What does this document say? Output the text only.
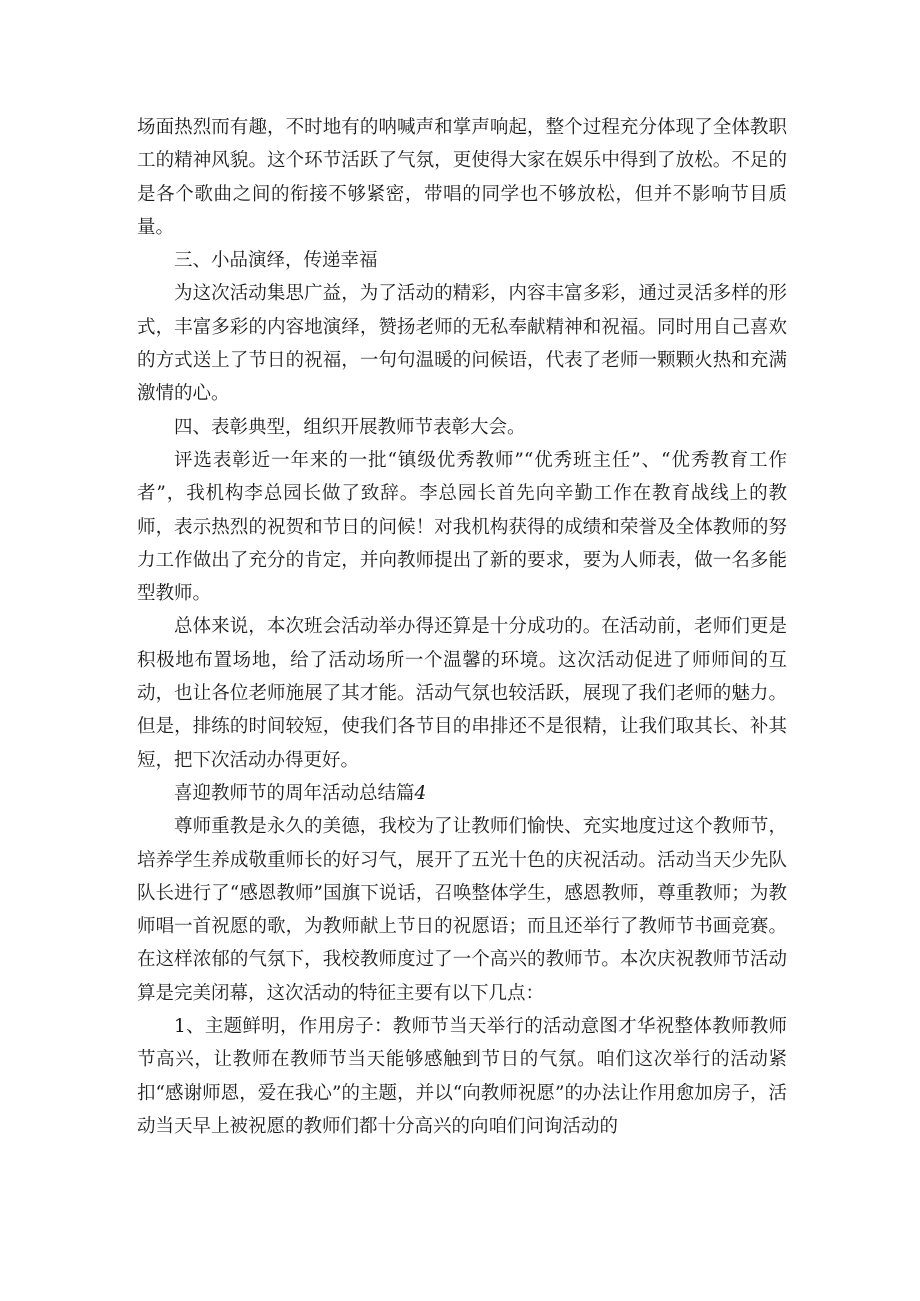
场面热烈而有趣，不时地有的呐喊声和掌声响起，整个过程充分体现了全体教职工的精神风貌。这个环节活跃了气氛，更使得大家在娱乐中得到了放松。不足的是各个歌曲之间的衔接不够紧密，带唱的同学也不够放松，但并不影响节目质量。

三、小品演绎，传递幸福

为这次活动集思广益，为了活动的精彩，内容丰富多彩，通过灵活多样的形式，丰富多彩的内容地演绎，赞扬老师的无私奉献精神和祝福。同时用自己喜欢的方式送上了节日的祝福，一句句温暖的问候语，代表了老师一颗颗火热和充满激情的心。

四、表彰典型，组织开展教师节表彰大会。

评选表彰近一年来的一批“镇级优秀教师”“优秀班主任”、“优秀教育工作者”，我机构李总园长做了致辞。李总园长首先向辛勤工作在教育战线上的教师，表示热烈的祝贺和节日的问候！对我机构获得的成绩和荣誉及全体教师的努力工作做出了充分的肯定，并向教师提出了新的要求，要为人师表，做一名多能型教师。

总体来说，本次班会活动举办得还算是十分成功的。在活动前，老师们更是积极地布置场地，给了活动场所一个温馨的环境。这次活动促进了师师间的互动，也让各位老师施展了其才能。活动气氛也较活跃，展现了我们老师的魅力。但是，排练的时间较短，使我们各节目的串排还不是很精，让我们取其长、补其短，把下次活动办得更好。

喜迎教师节的周年活动总结篇4

尊师重教是永久的美德，我校为了让教师们愉快、充实地度过这个教师节，培养学生养成敬重师长的好习气，展开了五光十色的庆祝活动。活动当天少先队队长进行了“感恩教师”国旗下说话，召唤整体学生，感恩教师，尊重教师；为教师唱一首祝愿的歌，为教师献上节日的祝愿语；而且还举行了教师节书画竞赛。在这样浓郁的气氛下，我校教师度过了一个高兴的教师节。本次庆祝教师节活动算是完美闭幕，这次活动的特征主要有以下几点：

1、主题鲜明，作用房子：教师节当天举行的活动意图才华祝整体教师教师节高兴，让教师在教师节当天能够感触到节日的气氛。咱们这次举行的活动紧扣“感谢师恩，爱在我心”的主题，并以“向教师祝愿”的办法让作用愈加房子，活动当天早上被祝愿的教师们都十分高兴的向咱们问询活动的
